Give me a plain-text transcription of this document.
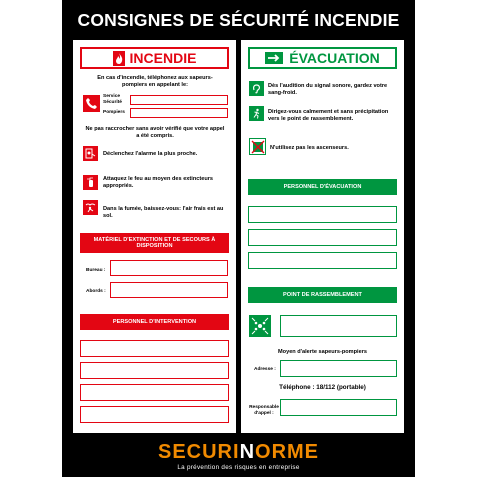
CONSIGNES DE SÉCURITÉ INCENDIE
INCENDIE
En cas d'incendie, téléphonez aux sapeurs-pompiers en appelant le:
Service Sécurité
Pompiers
Ne pas raccrocher sans avoir vérifié que votre appel a été compris.
Déclenchez l'alarme la plus proche.
Attaquez le feu au moyen des extincteurs appropriés.
Dans la fumée, baissez-vous: l'air frais est au sol.
MATÉRIEL D'EXTINCTION ET DE SECOURS À DISPOSITION
Bureau :
Abords :
PERSONNEL D'INTERVENTION
ÉVACUATION
Dès l'audition du signal sonore, gardez votre sang-froid.
Dirigez-vous calmement et sans précipitation vers le point de rassemblement.
N'utilisez pas les ascenseurs.
PERSONNEL D'ÉVACUATION
POINT DE RASSEMBLEMENT
Moyen d'alerte sapeurs-pompiers
Adresse :
Téléphone : 18/112 (portable)
Responsable d'appel :
SECURINORME
La prévention des risques en entreprise
